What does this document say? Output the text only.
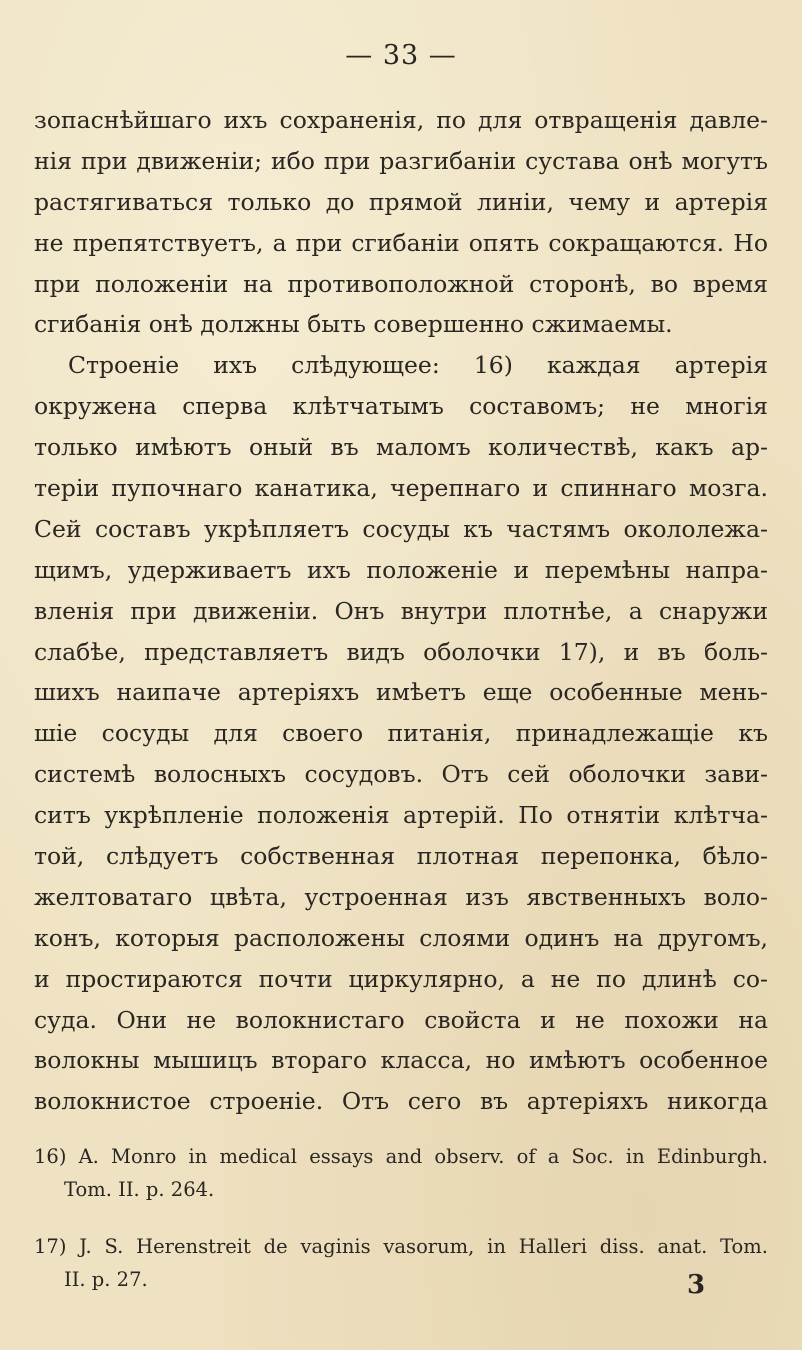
— 33 —
зопаснѣйшаго ихъ сохраненія, по для отвращенія давле-
нія при движеніи; ибо при разгибаніи сустава онѣ могутъ
растягиваться только до прямой линіи, чему и артерія
не препятствуетъ, а при сгибаніи опять сокращаются. Но
при положеніи на противоположной сторонѣ, во время
сгибанія онѣ должны быть совершенно сжимаемы.
Строеніе ихъ слѣдующее: 16) каждая артерія
окружена сперва клѣтчатымъ составомъ; не многія
только имѣютъ оный въ маломъ количествѣ, какъ ар-
теріи пупочнаго канатика, черепнаго и спиннаго мозга.
Сей составъ укрѣпляетъ сосуды къ частямъ окололежа-
щимъ, удерживаетъ ихъ положеніе и перемѣны напра-
вленія при движеніи. Онъ внутри плотнѣе, а снаружи
слабѣе, представляетъ видъ оболочки 17), и въ боль-
шихъ наипаче артеріяхъ имѣетъ еще особенные мень-
шіе сосуды для своего питанія, принадлежащіе къ
системѣ волосныхъ сосудовъ. Отъ сей оболочки зави-
ситъ укрѣпленіе положенія артерій. По отнятіи клѣтча-
той, слѣдуетъ собственная плотная перепонка, бѣло-
желтоватаго цвѣта, устроенная изъ явственныхъ воло-
конъ, которыя расположены слоями одинъ на другомъ,
и простираются почти циркулярно, а не по длинѣ со-
суда. Они не волокнистаго свойста и не похожи на
волокны мышицъ втораго класса, но имѣютъ особенное
волокнистое строеніе. Отъ сего въ артеріяхъ никогда
16) A. Monro in medical essays and observ. of a Soc. in Edinburgh.
Tom. II. p. 264.
17) J. S. Herenstreit de vaginis vasorum, in Halleri diss. anat. Tom.
II. p. 27.	3
